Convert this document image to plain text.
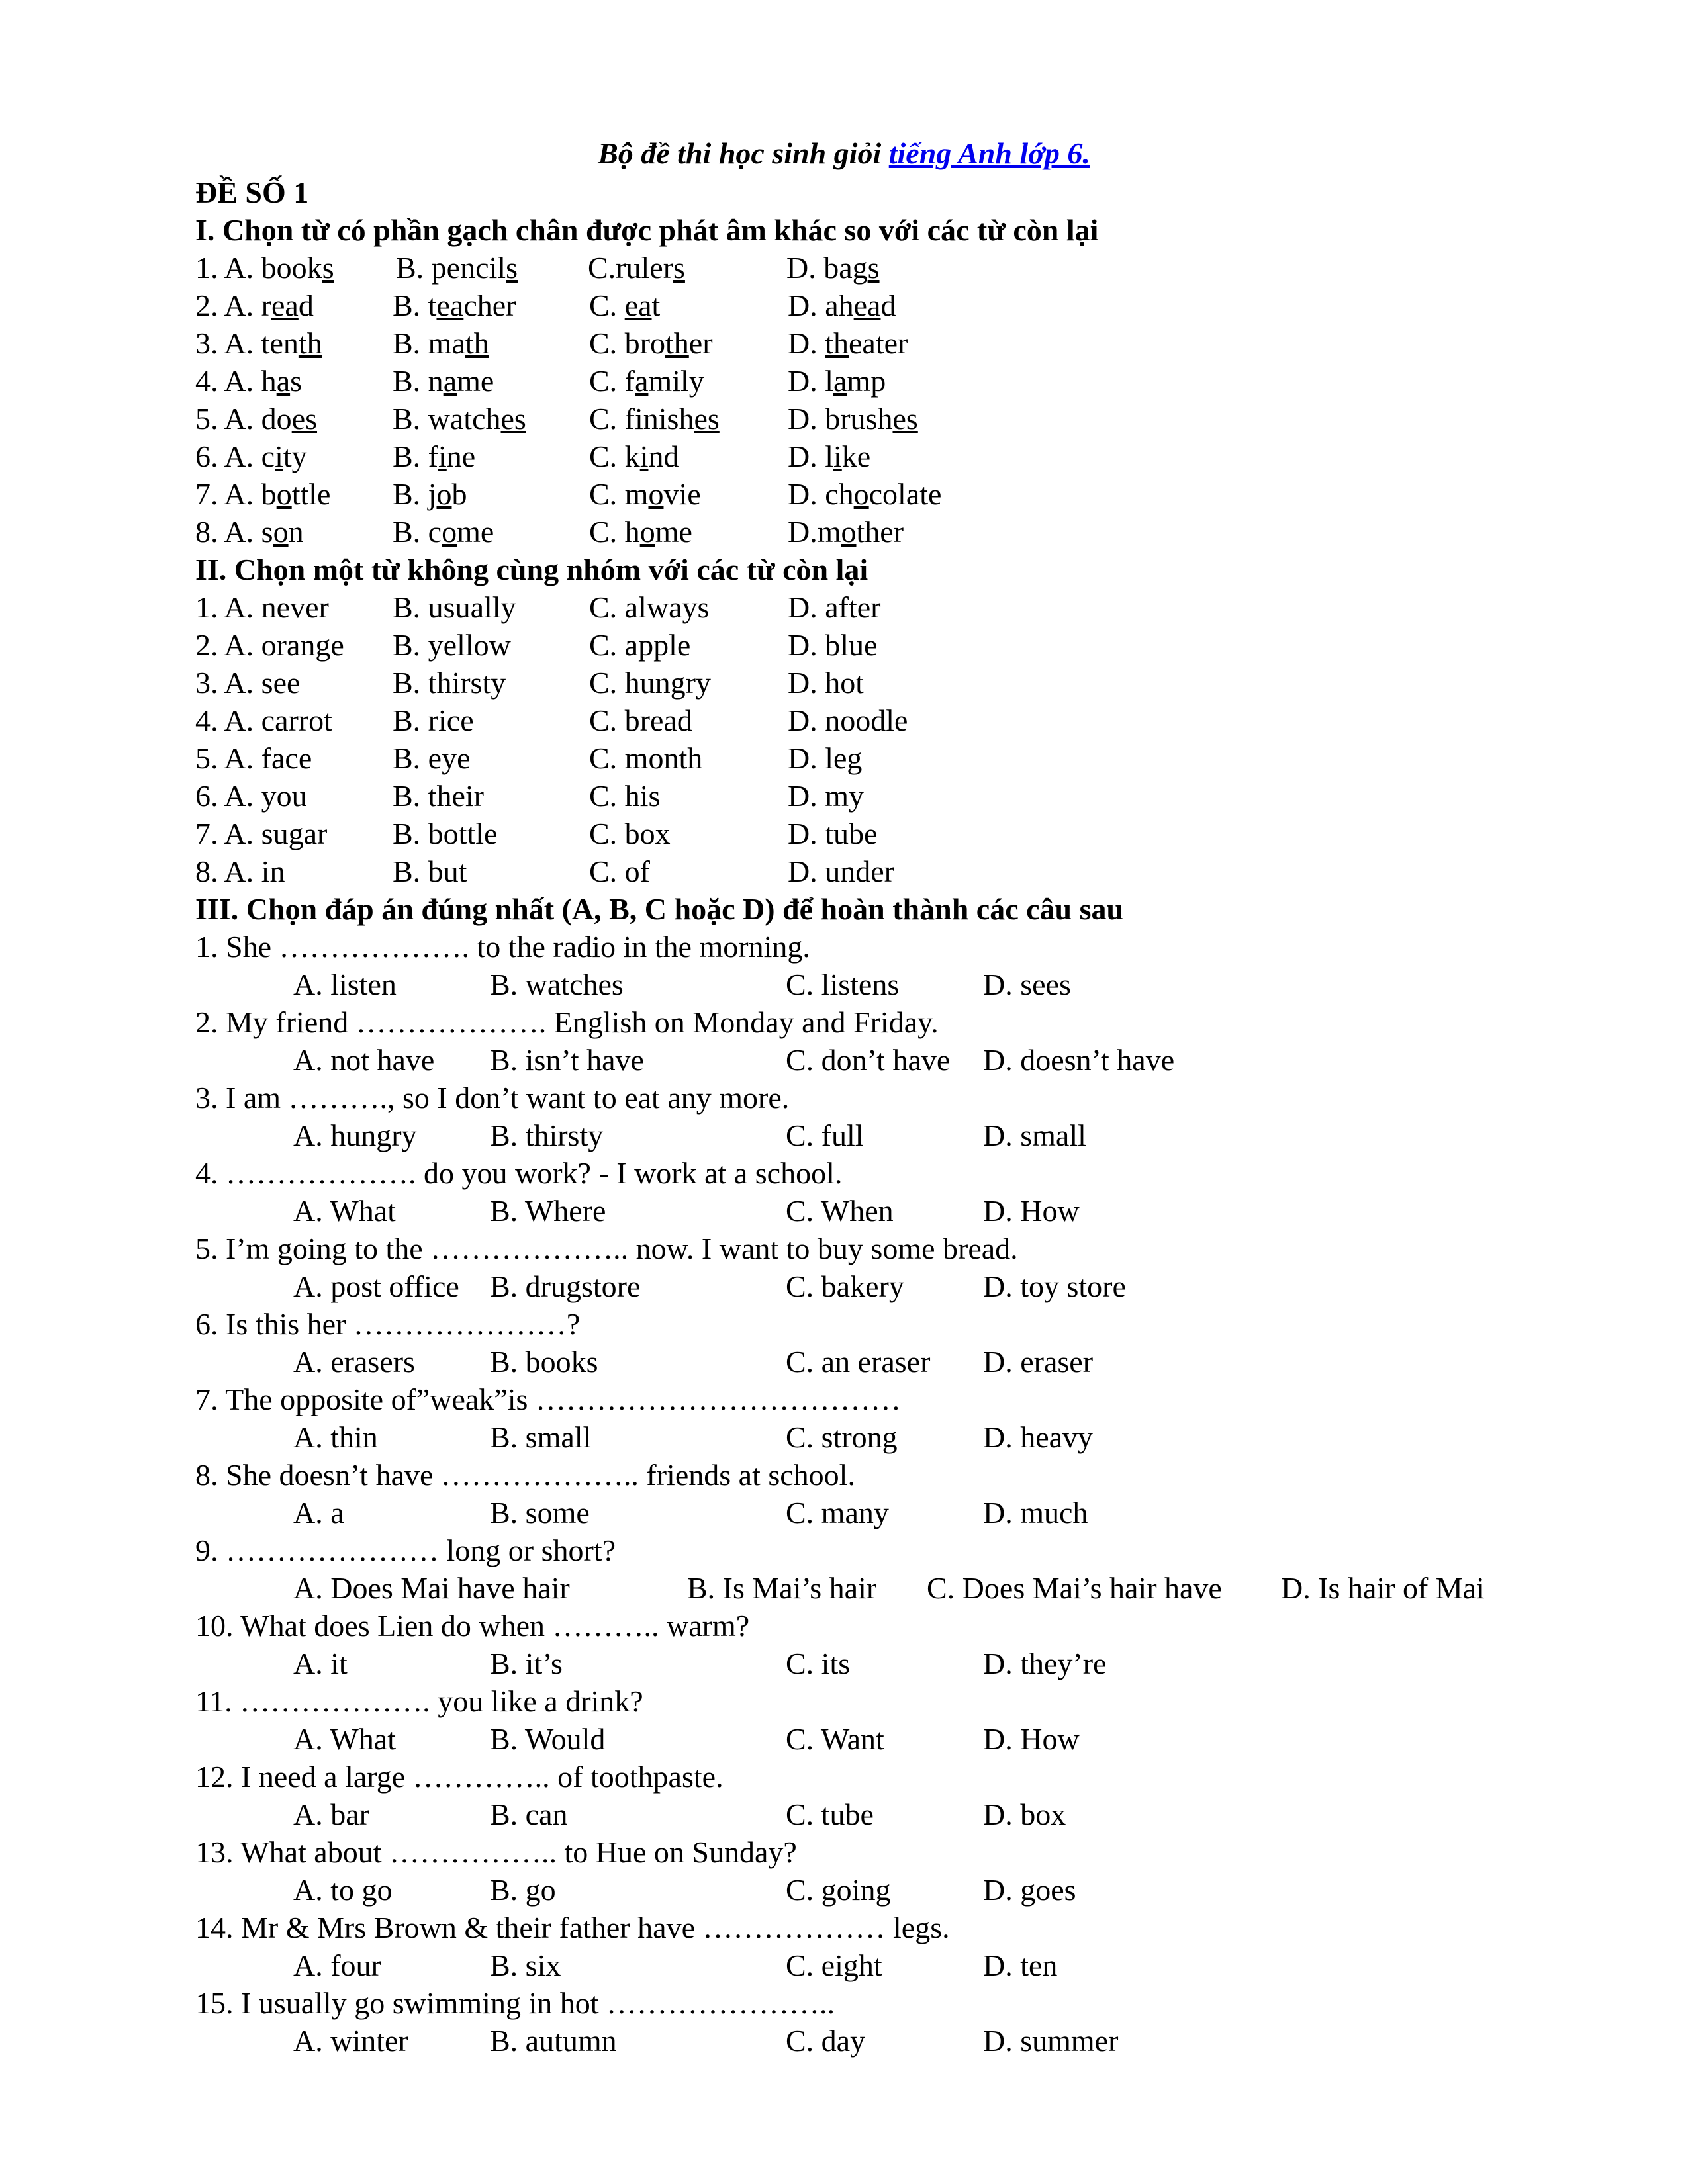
Bộ đề thi học sinh giỏi tiếng Anh lớp 6.
ĐỀ SỐ 1
I. Chọn từ có phần gạch chân được phát âm khác so với các từ còn lại
1. A. books B. pencils C.rulers	D. bags
2. A. read	B. teacher C. eat	D. ahead
3. A. tenth B. math	C. brother D. theater
4. A. has	B. name	C. family	D. lamp
5. A. does B. watches C. finishes D. brushes
6. A. city	B. fine	C. kind	D. like
7. A. bottle B. job	C. movie	D. chocolate
8. A. son	B. come	C. home	D.mother
II. Chọn một từ không cùng nhóm với các từ còn lại
1. A. never B. usually C. always	D. after
2. A. orange B. yellow	C. apple	D. blue
3. A. see	B. thirsty	C. hungry	D. hot
4. A. carrot B. rice	C. bread	D. noodle
5. A. face	B. eye	C. month	D. leg
6. A. you	B. their	C. his	D. my
7. A. sugar B. bottle	C. box	D. tube
8. A. in	B. but	C. of	D. under
III. Chọn đáp án đúng nhất (A, B, C hoặc D) để hoàn thành các câu sau
1. She ………………. to the radio in the morning.
A. listen	B. watches	C. listens	D. sees
2. My friend ………………. English on Monday and Friday.
A. not have B. isn’t have	C. don’t have D. doesn’t have
3. I am ………., so I don’t want to eat any more.
A. hungry B. thirsty	C. full	D. small
4. ………………. do you work? - I work at a school.
A. What	B. Where	C. When	D. How
5. I’m going to the ……………….. now. I want to buy some bread.
A. post office B. drugstore	C. bakery	D. toy store
6. Is this her …………………?
A. erasers B. books	C. an eraser D. eraser
7. The opposite of”weak”is ………………………………
A. thin	B. small	C. strong	D. heavy
8. She doesn’t have ……………….. friends at school.
A. a	B. some	C. many	D. much
9. ………………… long or short?
A. Does Mai have hair	B. Is Mai’s hair C. Does Mai’s hair have D. Is hair of Mai
10. What does Lien do when ……….. warm?
A. it	B. it’s	C. its	D. they’re
11. ………………. you like a drink?
A. What	B. Would	C. Want	D. How
12. I need a large ………….. of toothpaste.
A. bar	B. can	C. tube	D. box
13. What about …………….. to Hue on Sunday?
A. to go	B. go	C. going	D. goes
14. Mr & Mrs Brown & their father have ……………… legs.
A. four	B. six	C. eight	D. ten
15. I usually go swimming in hot …………………..
A. winter	B. autumn	C. day	D. summer
